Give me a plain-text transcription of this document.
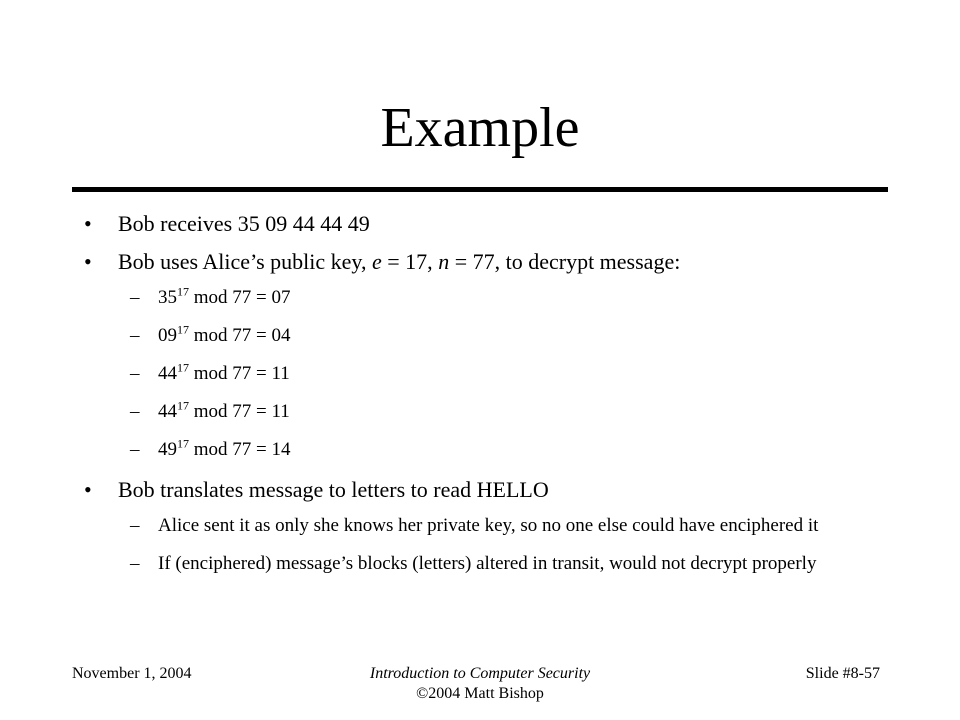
Example
• Bob receives 35 09 44 44 49
• Bob uses Alice’s public key, e = 17, n = 77, to decrypt message:
– $35^{17}$ mod 77 = 07
– $09^{17}$ mod 77 = 04
– $44^{17}$ mod 77 = 11
– $44^{17}$ mod 77 = 11
– $49^{17}$ mod 77 = 14
• Bob translates message to letters to read HELLO
– Alice sent it as only she knows her private key, so no one else could have enciphered it
– If (enciphered) message’s blocks (letters) altered in transit, would not decrypt properly
November 1, 2004	Introduction to Computer Security
©2004 Matt Bishop
Slide #8-57
